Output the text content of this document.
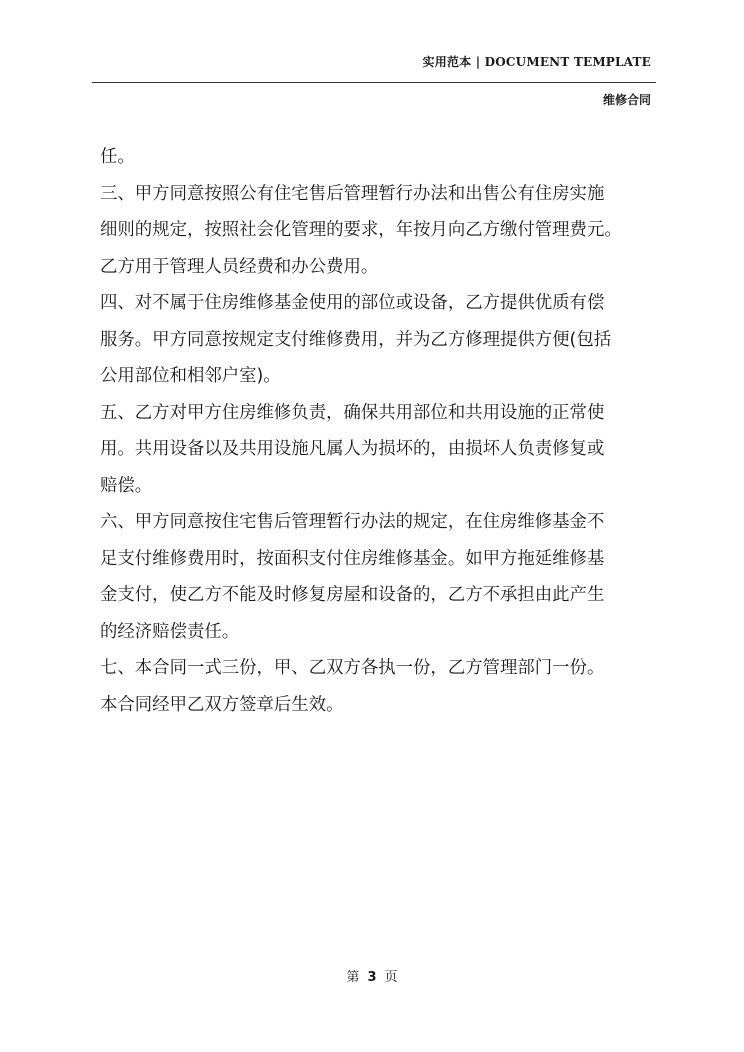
实用范本 | DOCUMENT TEMPLATE
维修合同
任。
三、甲方同意按照公有住宅售后管理暂行办法和出售公有住房实施
细则的规定，按照社会化管理的要求，年按月向乙方缴付管理费元。
乙方用于管理人员经费和办公费用。
四、对不属于住房维修基金使用的部位或设备，乙方提供优质有偿
服务。甲方同意按规定支付维修费用，并为乙方修理提供方便(包括
公用部位和相邻户室)。
五、乙方对甲方住房维修负责，确保共用部位和共用设施的正常使
用。共用设备以及共用设施凡属人为损坏的，由损坏人负责修复或
赔偿。
六、甲方同意按住宅售后管理暂行办法的规定，在住房维修基金不
足支付维修费用时，按面积支付住房维修基金。如甲方拖延维修基
金支付，使乙方不能及时修复房屋和设备的，乙方不承担由此产生
的经济赔偿责任。
七、本合同一式三份，甲、乙双方各执一份，乙方管理部门一份。
本合同经甲乙双方签章后生效。
第 3 页
